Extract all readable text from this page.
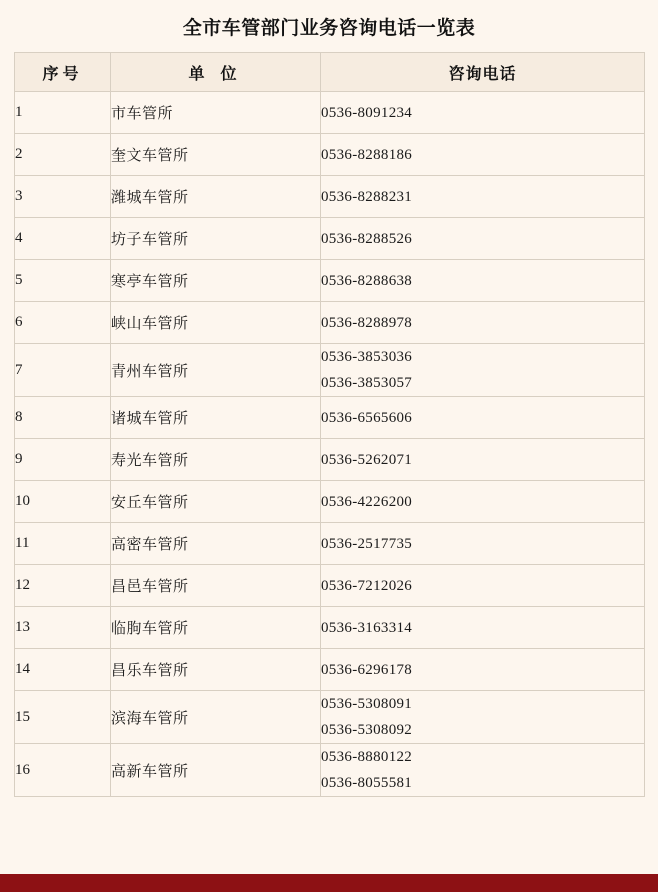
全市车管部门业务咨询电话一览表
序号	单 位	咨询电话
1	市车管所	0536-8091234

2	奎文车管所	0536-8288186

3	潍城车管所	0536-8288231

4	坊子车管所	0536-8288526

5	寒亭车管所	0536-8288638

6	峡山车管所	0536-8288978

7	青州车管所	0536-3853036
0536-3853057

8	诸城车管所	0536-6565606

9	寿光车管所	0536-5262071

10	安丘车管所	0536-4226200

11	高密车管所	0536-2517735

12	昌邑车管所	0536-7212026

13	临朐车管所	0536-3163314

14	昌乐车管所	0536-6296178

15	滨海车管所	0536-5308091
0536-5308092

16	高新车管所	0536-8880122
0536-8055581
